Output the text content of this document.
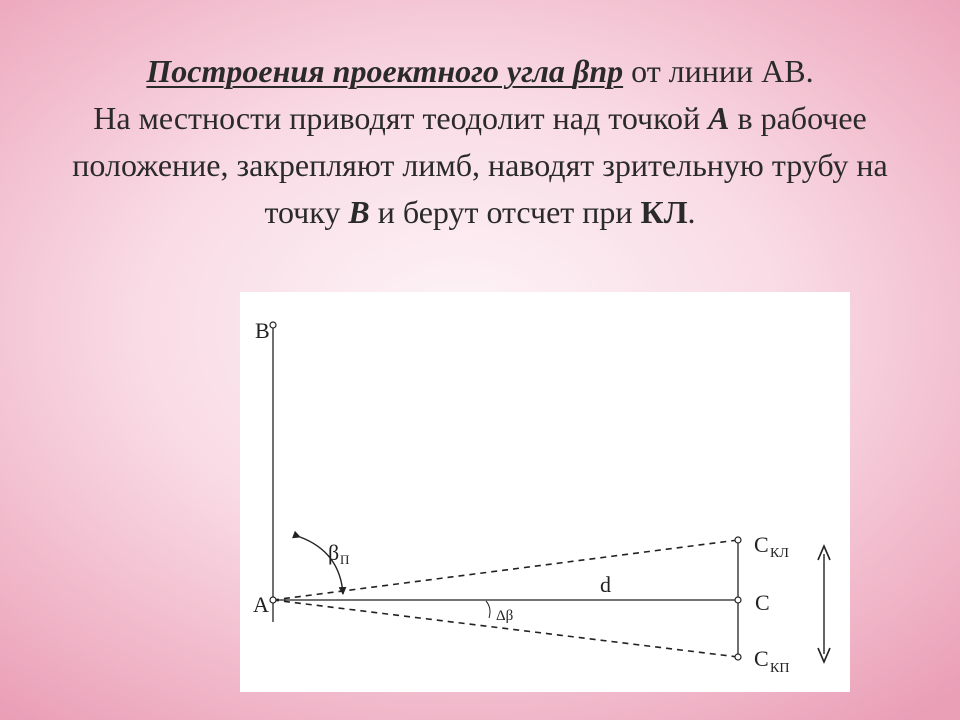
Построения проектного угла βпр от линии АВ.
На местности приводят теодолит над точкой А в рабочее положение, закрепляют лимб, наводят зрительную трубу на точку В и берут отсчет при КЛ.
В
А
β П
d
Δβ
С
С КЛ
С КП
